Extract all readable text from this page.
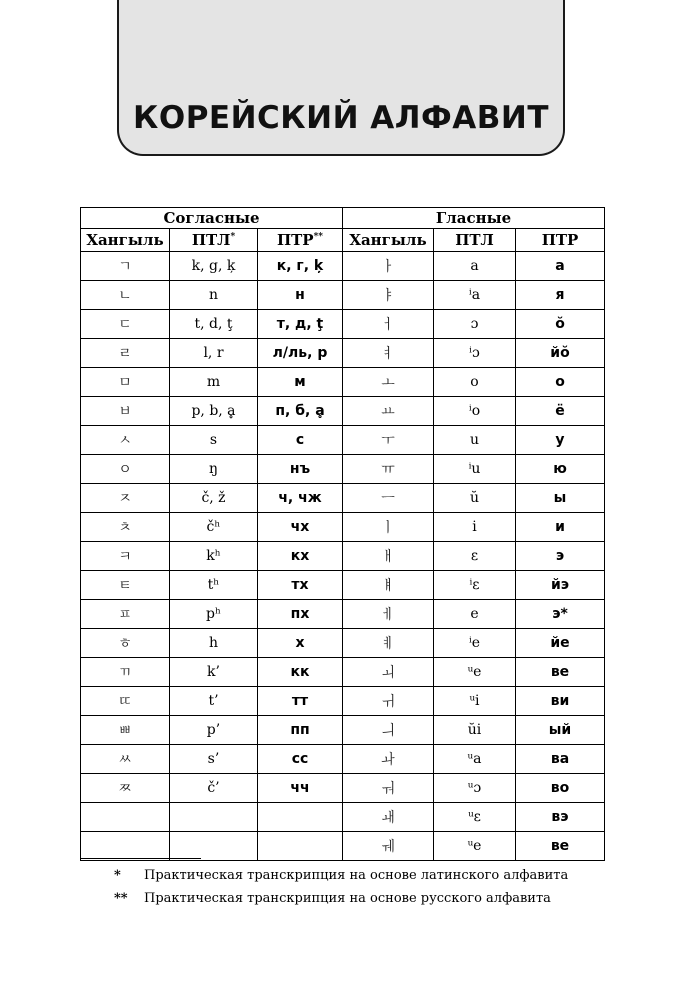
КОРЕЙСКИЙ АЛФАВИТ
Согласные			Гласные		
Хангыль	ПТЛ*	ПТР**	Хангыль	ПТЛ	ПТР
ㄱ	k, g, ķ	к, г, ķ	ㅏ	a	а
ㄴ	n	н	ㅑ	ⁱa	я
ㄷ	t, d, ţ	т, д, ţ	ㅓ	ɔ	ŏ
ㄹ	l, r	л/ль, р	ㅕ	ⁱɔ	йŏ
ㅁ	m	м	ㅗ	o	о
ㅂ	p, b, ḁ	п, б, ḁ	ㅛ	ⁱo	ё
ㅅ	s	с	ㅜ	u	у
ㅇ	ŋ	нъ	ㅠ	ⁱu	ю
ㅈ	č, ž	ч, чж	ㅡ	ŭ	ы
ㅊ	čʰ	чх	ㅣ	i	и
ㅋ	kʰ	кх	ㅐ	ε	э
ㅌ	tʰ	тх	ㅒ	ⁱε	йэ
ㅍ	pʰ	пх	ㅔ	e	э*
ㅎ	h	х	ㅖ	ⁱe	йе
ㄲ	k’	кк	ㅚ	ᵘe	ве
ㄸ	t’	тт	ㅟ	ᵘi	ви
ㅃ	p’	пп	ㅢ	ŭi	ый
ㅆ	s’	сс	ㅘ	ᵘa	ва
ㅉ	č’	чч	ㅝ	ᵘɔ	во
			ㅙ	ᵘε	вэ
			ㅞ	ᵘe	ве
* Практическая транскрипция на основе латинского алфавита
** Практическая транскрипция на основе русского алфавита
